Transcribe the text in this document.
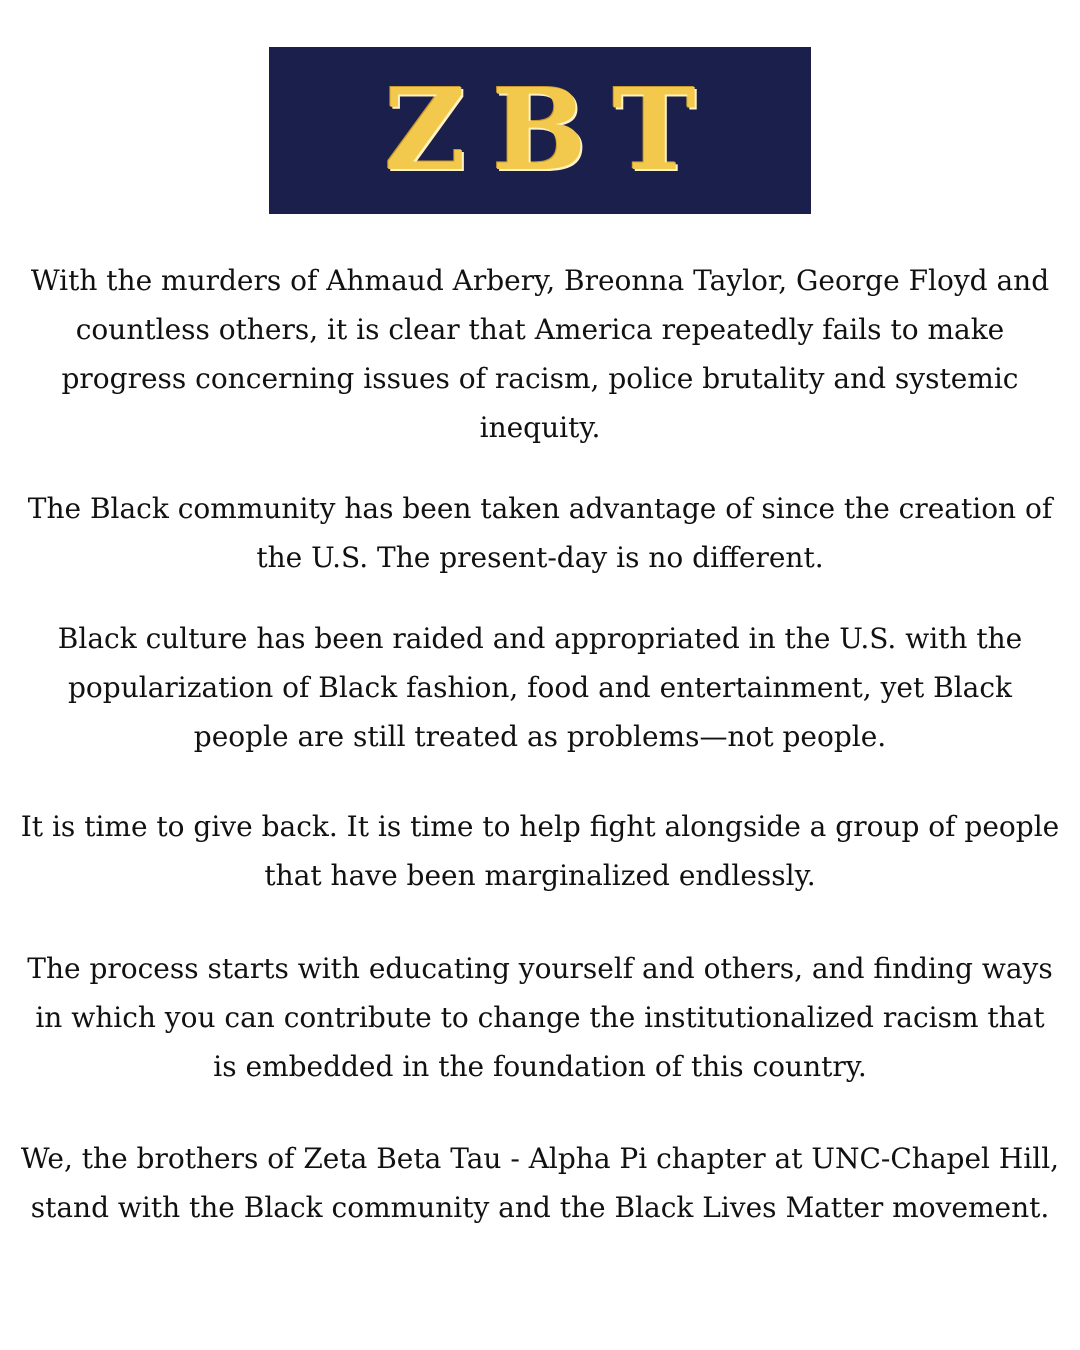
ZBT

With the murders of Ahmaud Arbery, Breonna Taylor, George Floyd and countless others, it is clear that America repeatedly fails to make progress concerning issues of racism, police brutality and systemic inequity.

The Black community has been taken advantage of since the creation of the U.S. The present-day is no different.

Black culture has been raided and appropriated in the U.S. with the popularization of Black fashion, food and entertainment, yet Black people are still treated as problems—not people.

It is time to give back. It is time to help fight alongside a group of people that have been marginalized endlessly.

The process starts with educating yourself and others, and finding ways in which you can contribute to change the institutionalized racism that is embedded in the foundation of this country.

We, the brothers of Zeta Beta Tau - Alpha Pi chapter at UNC-Chapel Hill, stand with the Black community and the Black Lives Matter movement.
